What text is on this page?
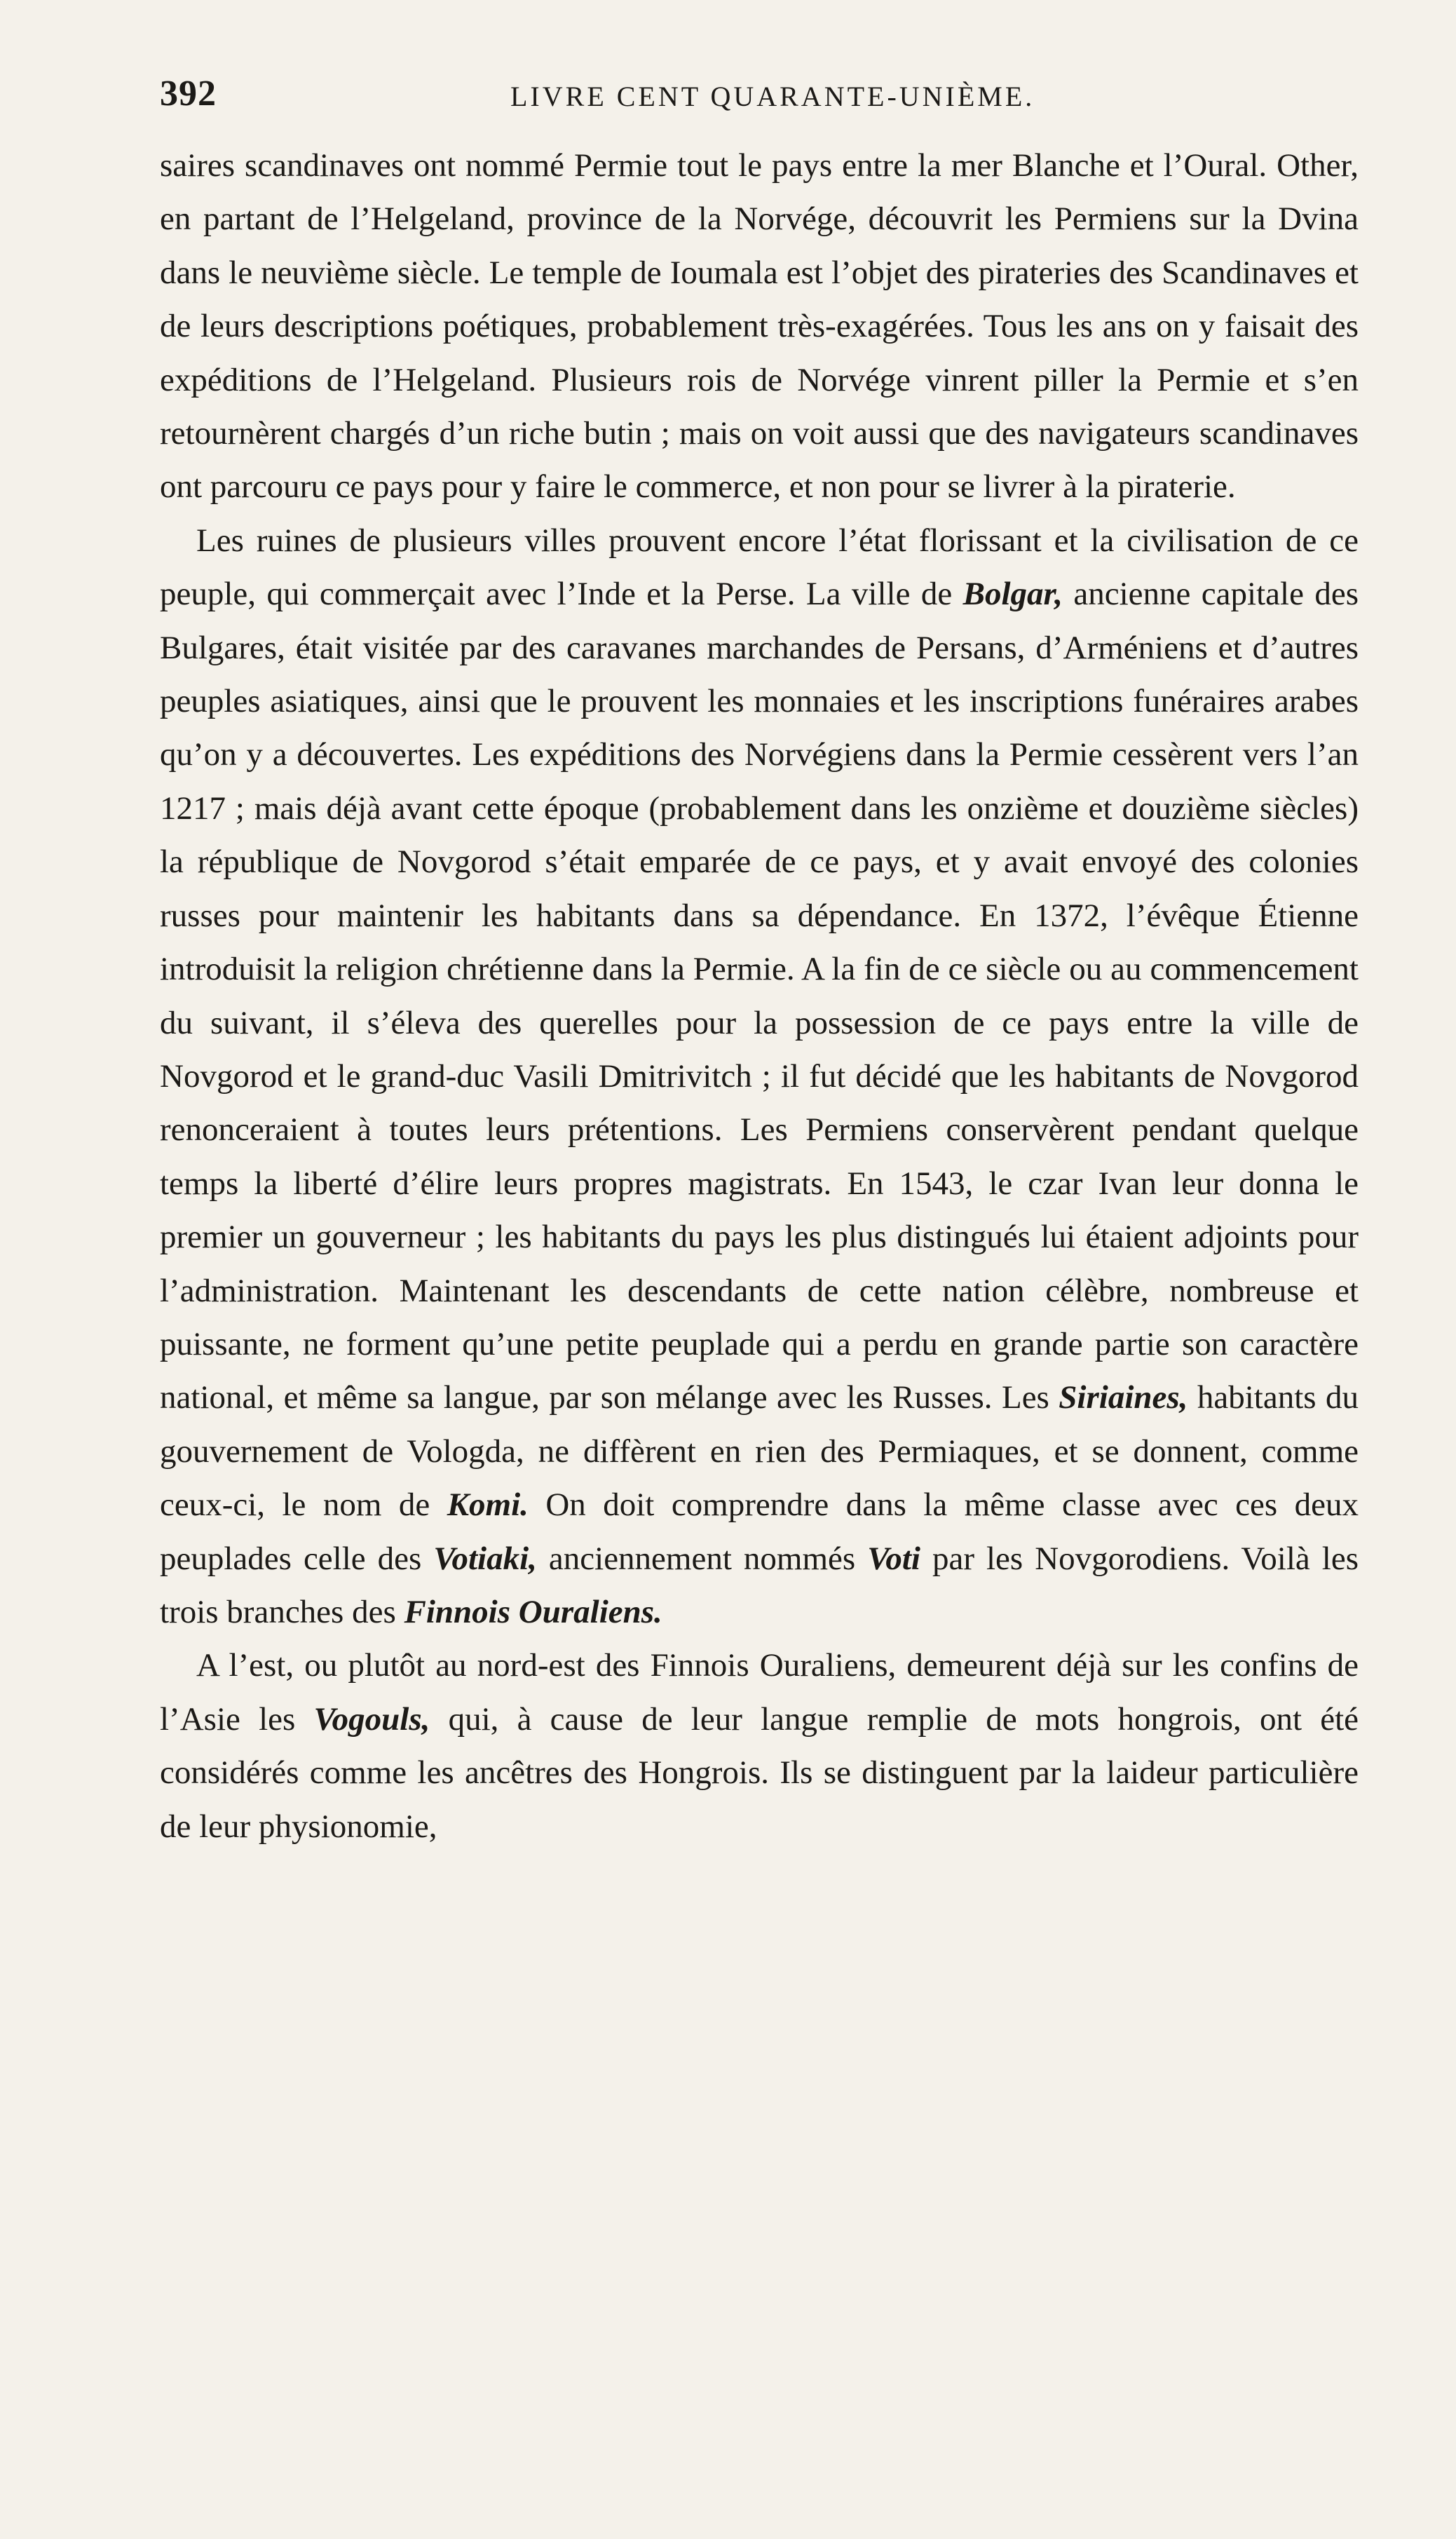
392	LIVRE CENT QUARANTE-UNIÈME.

saires scandinaves ont nommé Permie tout le pays entre la mer Blanche et l’Oural. Other, en partant de l’Helgeland, province de la Norvége, découvrit les Permiens sur la Dvina dans le neuvième siècle. Le temple de Ioumala est l’objet des pirateries des Scandinaves et de leurs descriptions poétiques, probablement très-exagérées. Tous les ans on y faisait des expéditions de l’Helgeland. Plusieurs rois de Norvége vinrent piller la Permie et s’en retournèrent chargés d’un riche butin ; mais on voit aussi que des navigateurs scandinaves ont parcouru ce pays pour y faire le commerce, et non pour se livrer à la piraterie.

Les ruines de plusieurs villes prouvent encore l’état florissant et la civilisation de ce peuple, qui commerçait avec l’Inde et la Perse. La ville de Bolgar, ancienne capitale des Bulgares, était visitée par des caravanes marchandes de Persans, d’Arméniens et d’autres peuples asiatiques, ainsi que le prouvent les monnaies et les inscriptions funéraires arabes qu’on y a découvertes. Les expéditions des Norvégiens dans la Permie cessèrent vers l’an 1217 ; mais déjà avant cette époque (probablement dans les onzième et douzième siècles) la république de Novgorod s’était emparée de ce pays, et y avait envoyé des colonies russes pour maintenir les habitants dans sa dépendance. En 1372, l’évêque Étienne introduisit la religion chrétienne dans la Permie. A la fin de ce siècle ou au commencement du suivant, il s’éleva des querelles pour la possession de ce pays entre la ville de Novgorod et le grand-duc Vasili Dmitrivitch ; il fut décidé que les habitants de Novgorod renonceraient à toutes leurs prétentions. Les Permiens conservèrent pendant quelque temps la liberté d’élire leurs propres magistrats. En 1543, le czar Ivan leur donna le premier un gouverneur ; les habitants du pays les plus distingués lui étaient adjoints pour l’administration. Maintenant les descendants de cette nation célèbre, nombreuse et puissante, ne forment qu’une petite peuplade qui a perdu en grande partie son caractère national, et même sa langue, par son mélange avec les Russes. Les Siriaines, habitants du gouvernement de Vologda, ne diffèrent en rien des Permiaques, et se donnent, comme ceux-ci, le nom de Komi. On doit comprendre dans la même classe avec ces deux peuplades celle des Votiaki, anciennement nommés Voti par les Novgorodiens. Voilà les trois branches des Finnois Ouraliens.

A l’est, ou plutôt au nord-est des Finnois Ouraliens, demeurent déjà sur les confins de l’Asie les Vogouls, qui, à cause de leur langue remplie de mots hongrois, ont été considérés comme les ancêtres des Hongrois. Ils se distinguent par la laideur particulière de leur physionomie,
